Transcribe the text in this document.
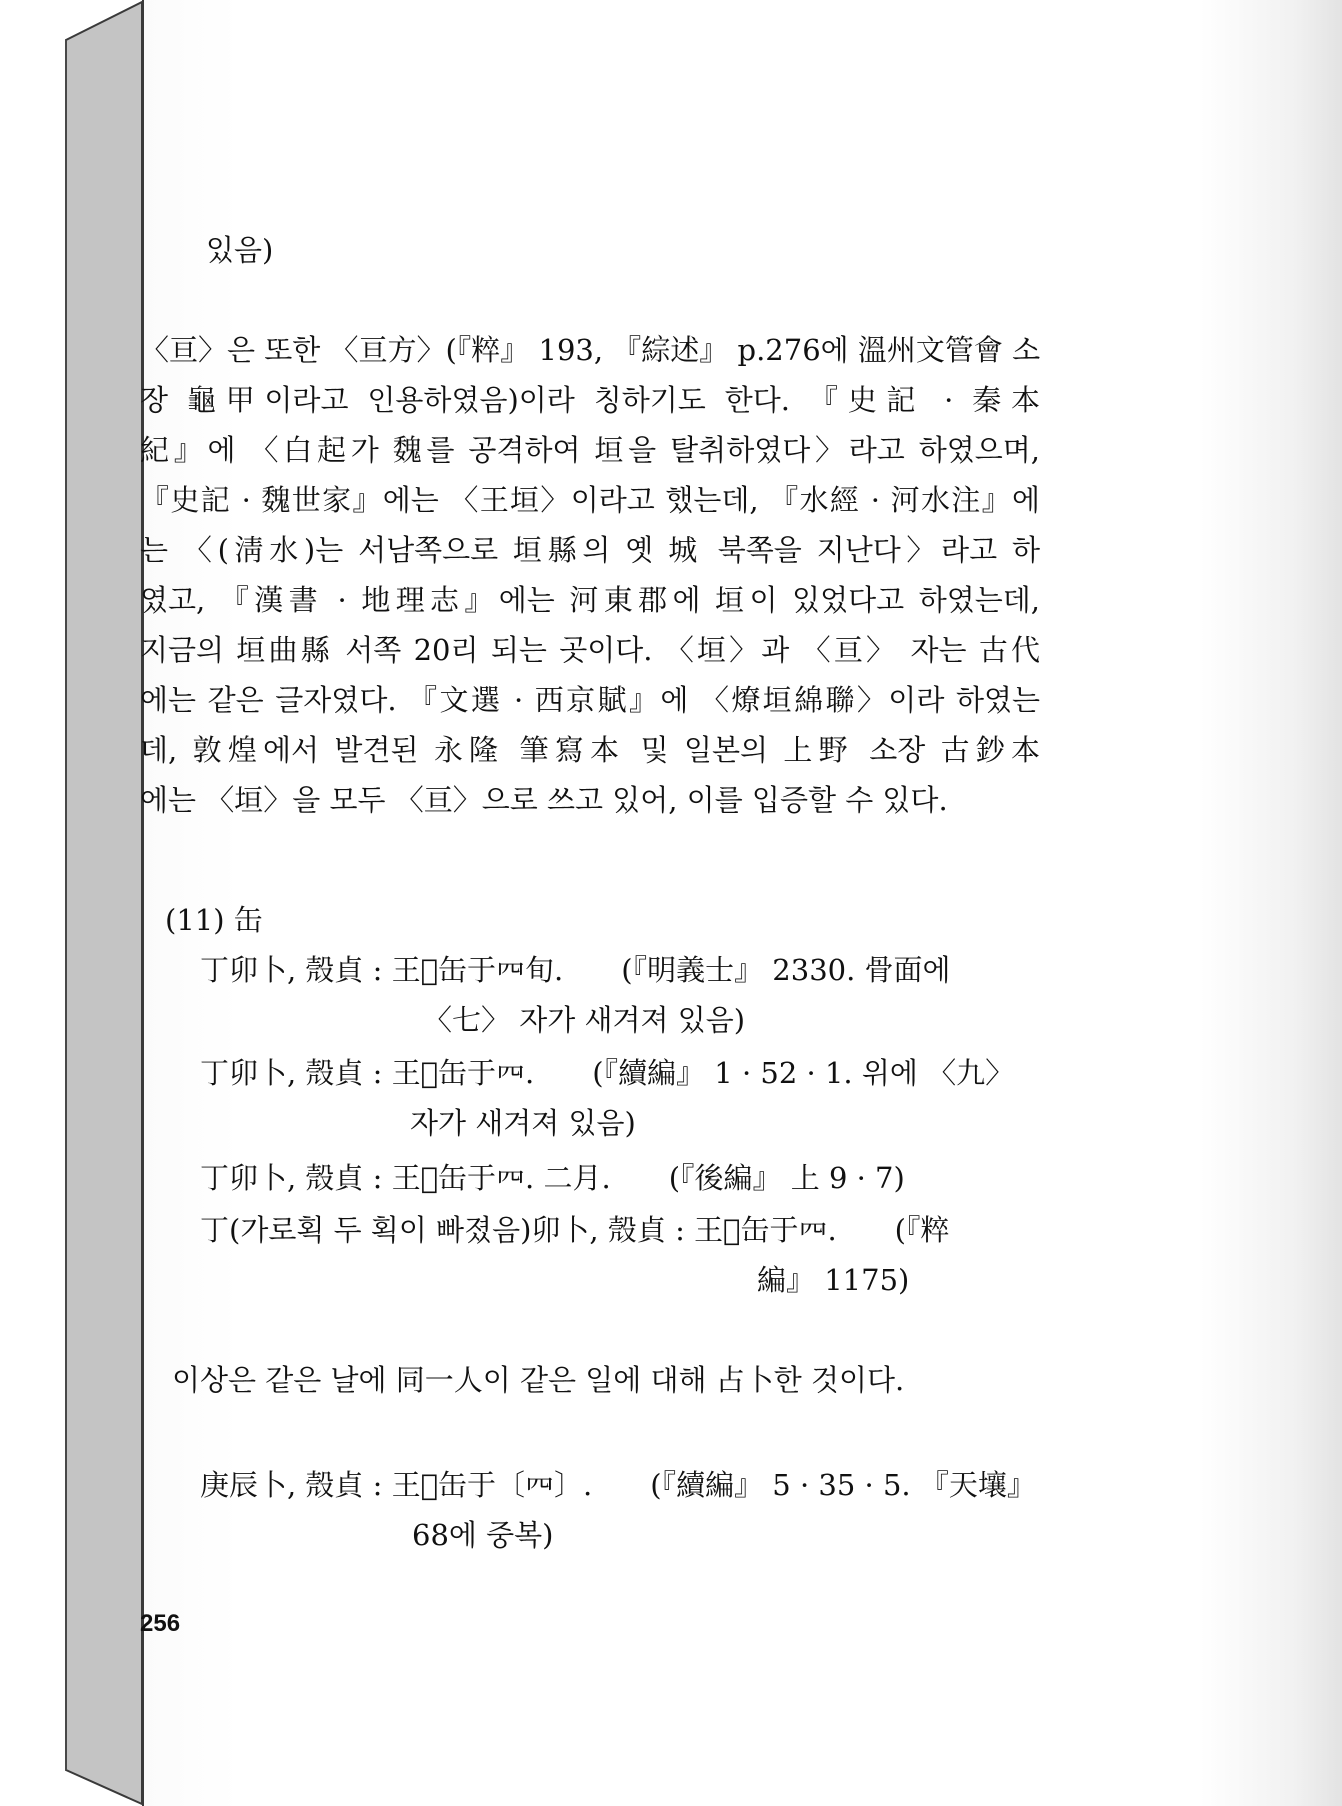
있음)
〈亘〉은 또한 〈亘方〉(『粹』 193, 『綜述』 p.276에 溫州文管會 소
장 龜甲이라고 인용하였음)이라 칭하기도 한다. 『史記 · 秦本
紀』에 〈白起가 魏를 공격하여 垣을 탈취하였다〉라고 하였으며,
『史記 · 魏世家』에는 〈王垣〉이라고 했는데, 『水經 · 河水注』에
는 〈(淸水)는 서남쪽으로 垣縣의 옛 城 북쪽을 지난다〉라고 하
였고, 『漢書 · 地理志』에는 河東郡에 垣이 있었다고 하였는데,
지금의 垣曲縣 서쪽 20리 되는 곳이다. 〈垣〉과 〈亘〉 자는 古代
에는 같은 글자였다. 『文選 · 西京賦』에 〈燎垣綿聯〉이라 하였는
데, 敦煌에서 발견된 永隆 筆寫本 및 일본의 上野 소장 古鈔本
에는 〈垣〉을 모두 〈亘〉으로 쓰고 있어, 이를 입증할 수 있다.
(11) 缶
丁卯卜, 殼貞 : 王𦎫缶于𦉪旬.　　(『明義士』 2330. 骨面에
〈七〉 자가 새겨져 있음)
丁卯卜, 殼貞 : 王𦎫缶于𦉪.　　(『續編』 1 · 52 · 1. 위에 〈九〉
자가 새겨져 있음)
丁卯卜, 殼貞 : 王𦎫缶于𦉪. 二月.　　(『後編』 上 9 · 7)
丁(가로획 두 획이 빠졌음)卯卜, 殼貞 : 王𦎫缶于𦉪.　　(『粹
編』 1175)
이상은 같은 날에 同一人이 같은 일에 대해 占卜한 것이다.
庚辰卜, 殼貞 : 王𦎫缶于〔𦉪〕.　　(『續編』 5 · 35 · 5. 『天壤』
68에 중복)
256
